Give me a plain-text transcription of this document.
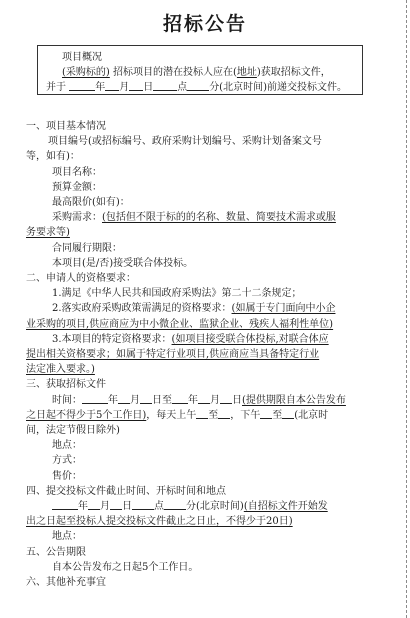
招标公告
项目概况
(采购标的) 招标项目的潜在投标人应在(地址)获取招标文件，
并于	年 月 日 点 分(北京时间)前递交投标文件。
一、项目基本情况
项目编号(或招标编号、政府采购计划编号、采购计划备案文号
等，如有)：
项目名称：
预算金额：
最高限价(如有)：
采购需求：(包括但不限于标的的名称、数量、简要技术需求或服
务要求等)
合同履行期限：
本项目(是/否)接受联合体投标。
二、申请人的资格要求：
1.满足《中华人民共和国政府采购法》第二十二条规定；
2.落实政府采购政策需满足的资格要求：(如属于专门面向中小企
业采购的项目,供应商应为中小微企业、监狱企业、残疾人福利性单位)
3.本项目的特定资格要求：(如项目接受联合体投标,对联合体应
提出相关资格要求；如属于特定行业项目,供应商应当具备特定行业
法定准入要求。)
三、获取招标文件
时间：	年 月 日至 年 月 日(提供期限自本公告发布
之日起不得少于5个工作日)，每天上午 至 ，下午 至 (北京时
间，法定节假日除外)
地点：
方式：
售价：
四、提交投标文件截止时间、开标时间和地点
年 月 日 点 分(北京时间)(自招标文件开始发
出之日起至投标人提交投标文件截止之日止，不得少于20日)
地点：
五、公告期限
自本公告发布之日起5个工作日。
六、其他补充事宜
